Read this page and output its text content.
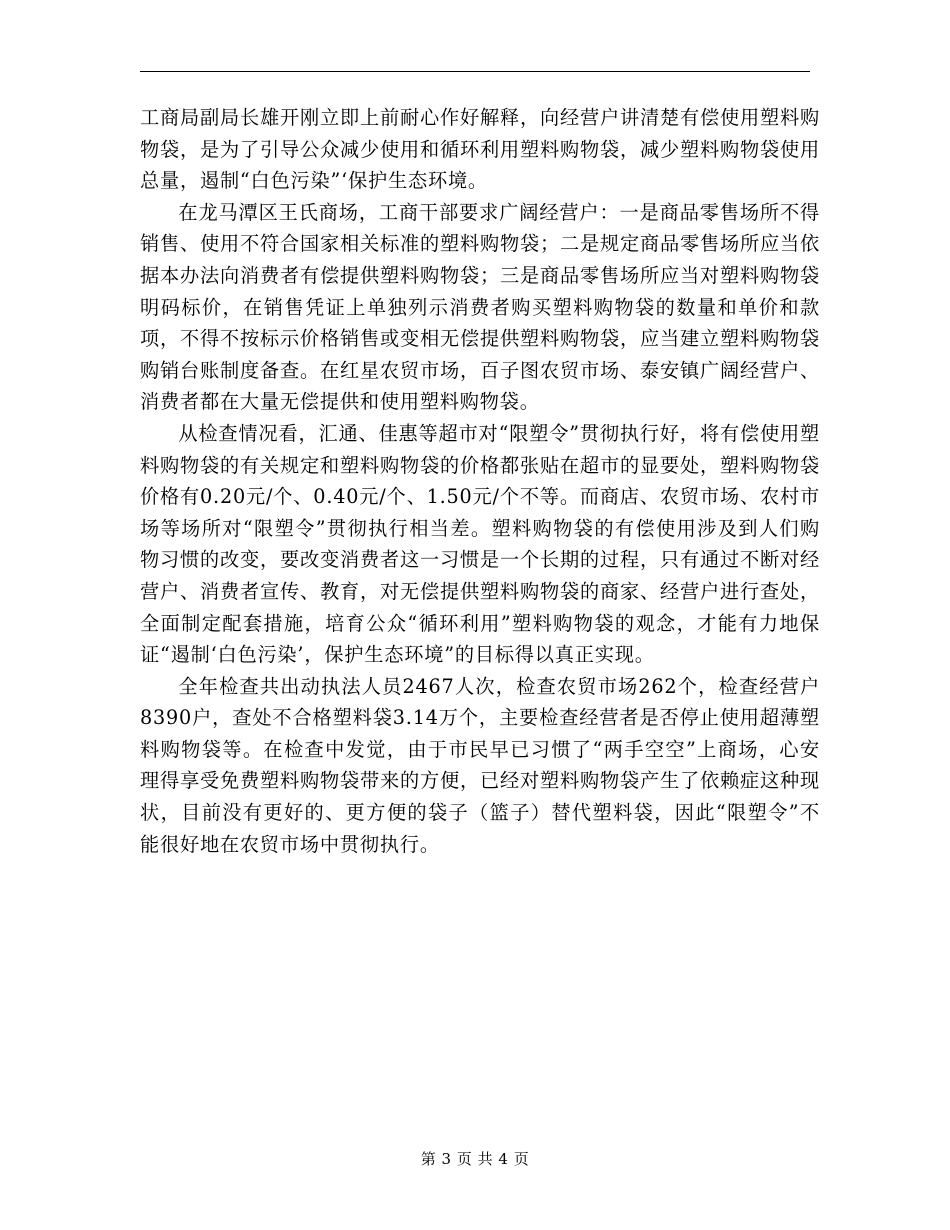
工商局副局长雄开刚立即上前耐心作好解释，向经营户讲清楚有偿使用塑料购物袋，是为了引导公众减少使用和循环利用塑料购物袋，减少塑料购物袋使用总量，遏制“白色污染”‘保护生态环境。

在龙马潭区王氏商场，工商干部要求广阔经营户：一是商品零售场所不得销售、使用不符合国家相关标准的塑料购物袋；二是规定商品零售场所应当依据本办法向消费者有偿提供塑料购物袋；三是商品零售场所应当对塑料购物袋明码标价，在销售凭证上单独列示消费者购买塑料购物袋的数量和单价和款项，不得不按标示价格销售或变相无偿提供塑料购物袋，应当建立塑料购物袋购销台账制度备查。在红星农贸市场，百子图农贸市场、泰安镇广阔经营户、消费者都在大量无偿提供和使用塑料购物袋。

从检查情况看，汇通、佳惠等超市对“限塑令”贯彻执行好，将有偿使用塑料购物袋的有关规定和塑料购物袋的价格都张贴在超市的显要处，塑料购物袋价格有0.20元/个、0.40元/个、1.50元/个不等。而商店、农贸市场、农村市场等场所对“限塑令”贯彻执行相当差。塑料购物袋的有偿使用涉及到人们购物习惯的改变，要改变消费者这一习惯是一个长期的过程，只有通过不断对经营户、消费者宣传、教育，对无偿提供塑料购物袋的商家、经营户进行查处，全面制定配套措施，培育公众“循环利用”塑料购物袋的观念，才能有力地保证“遏制‘白色污染’，保护生态环境”的目标得以真正实现。

全年检查共出动执法人员2467人次，检查农贸市场262个，检查经营户8390户，查处不合格塑料袋3.14万个，主要检查经营者是否停止使用超薄塑料购物袋等。在检查中发觉，由于市民早已习惯了“两手空空”上商场，心安理得享受免费塑料购物袋带来的方便，已经对塑料购物袋产生了依赖症这种现状，目前没有更好的、更方便的袋子（篮子）替代塑料袋，因此“限塑令”不能很好地在农贸市场中贯彻执行。

第 3 页 共 4 页
